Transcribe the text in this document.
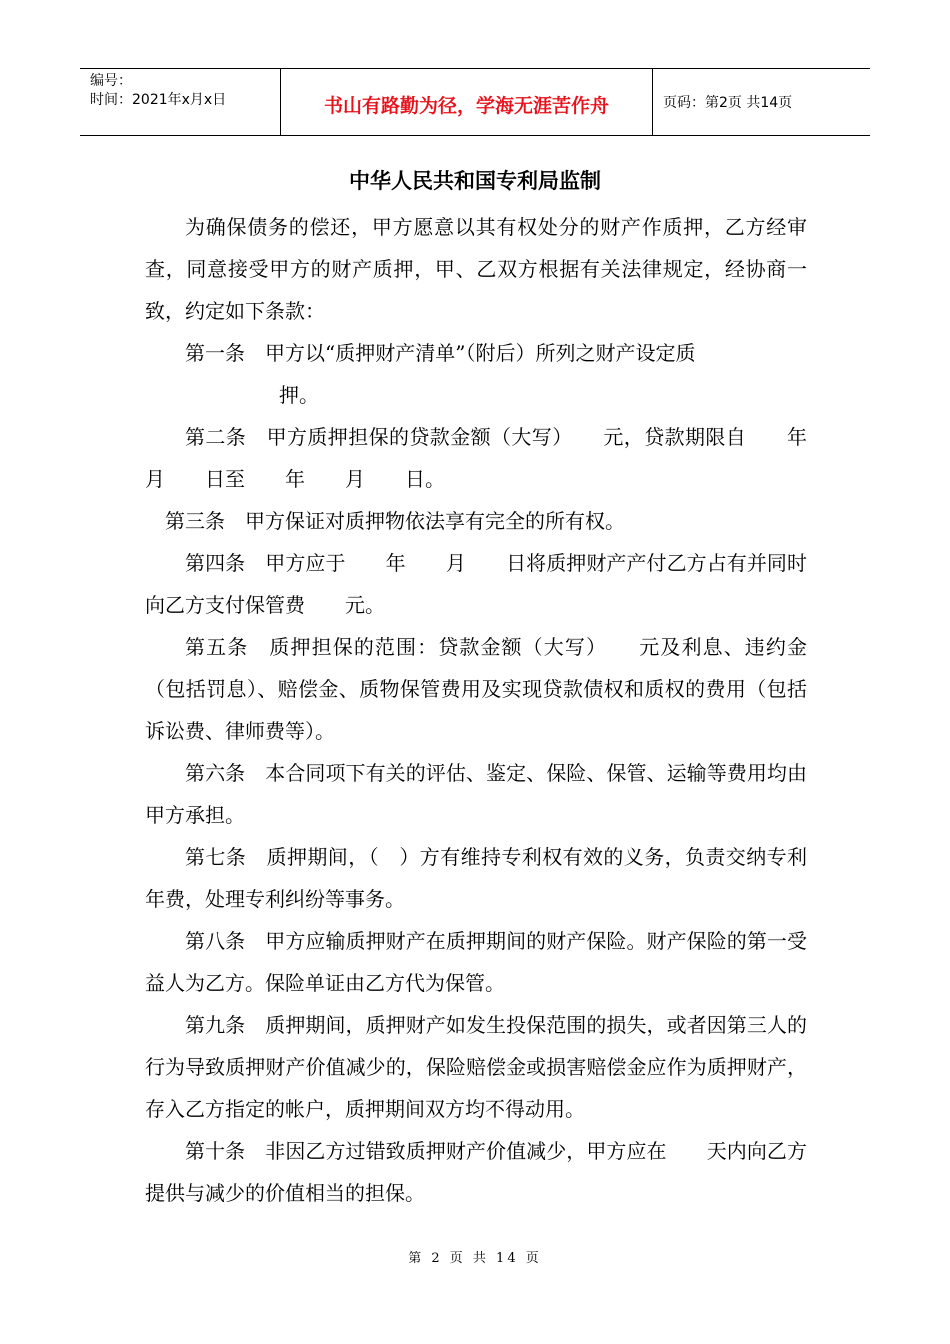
编号：
时间：2021年x月x日	书山有路勤为径，学海无涯苦作舟	页码：第2页 共14页
中华人民共和国专利局监制

为确保债务的偿还，甲方愿意以其有权处分的财产作质押，乙方经审查，同意接受甲方的财产质押，甲、乙双方根据有关法律规定，经协商一致，约定如下条款：

第一条　甲方以“质押财产清单”（附后）所列之财产设定质
押。

第二条　甲方质押担保的贷款金额（大写）　　元，贷款期限自　　年　　月　　日至　　年　　月　　日。

第三条　甲方保证对质押物依法享有完全的所有权。

第四条　甲方应于　　年　　月　　日将质押财产产付乙方占有并同时向乙方支付保管费　　元。

第五条　质押担保的范围：贷款金额（大写）　　元及利息、违约金（包括罚息）、赔偿金、质物保管费用及实现贷款债权和质权的费用（包括诉讼费、律师费等）。

第六条　本合同项下有关的评估、鉴定、保险、保管、运输等费用均由甲方承担。

第七条　质押期间，（　）方有维持专利权有效的义务，负责交纳专利年费，处理专利纠纷等事务。

第八条　甲方应输质押财产在质押期间的财产保险。财产保险的第一受益人为乙方。保险单证由乙方代为保管。

第九条　质押期间，质押财产如发生投保范围的损失，或者因第三人的行为导致质押财产价值减少的，保险赔偿金或损害赔偿金应作为质押财产，存入乙方指定的帐户，质押期间双方均不得动用。

第十条　非因乙方过错致质押财产价值减少，甲方应在　　天内向乙方提供与减少的价值相当的担保。

第 2 页 共 14 页
